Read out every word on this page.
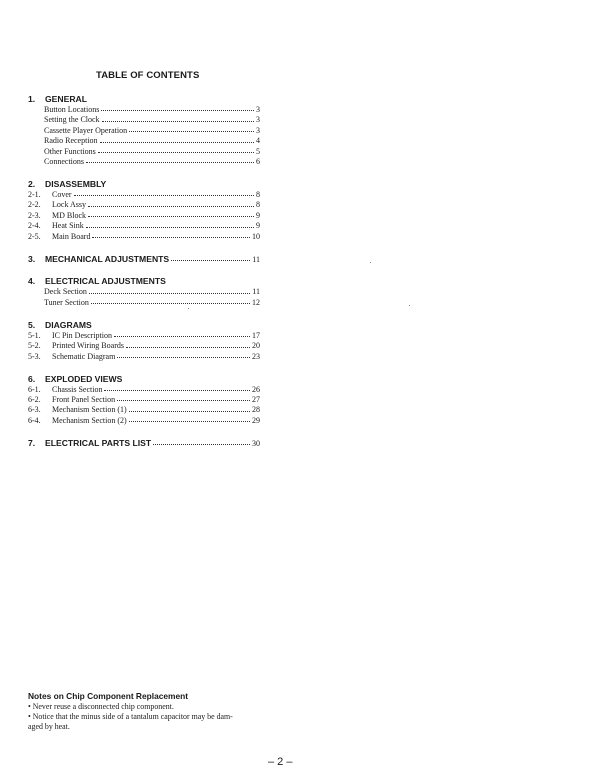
TABLE OF CONTENTS
1.	GENERAL
Button Locations	3
Setting the Clock	3
Cassette Player Operation	3
Radio Reception	4
Other Functions	5
Connections	6
2.	DISASSEMBLY
2-1.	Cover	8
2-2.	Lock Assy	8
2-3.	MD Block	9
2-4.	Heat Sink	9
2-5.	Main Board	10
3.	MECHANICAL ADJUSTMENTS	11
4.	ELECTRICAL ADJUSTMENTS
Deck Section	11
Tuner Section	12
5.	DIAGRAMS
5-1.	IC Pin Description	17
5-2.	Printed Wiring Boards	20
5-3.	Schematic Diagram	23
6.	EXPLODED VIEWS
6-1.	Chassis Section	26
6-2.	Front Panel Section	27
6-3.	Mechanism Section (1)	28
6-4.	Mechanism Section (2)	29
7.	ELECTRICAL PARTS LIST	30
Notes on Chip Component Replacement
• Never reuse a disconnected chip component.
• Notice that the minus side of a tantalum capacitor may be dam-
aged by heat.
– 2 –
